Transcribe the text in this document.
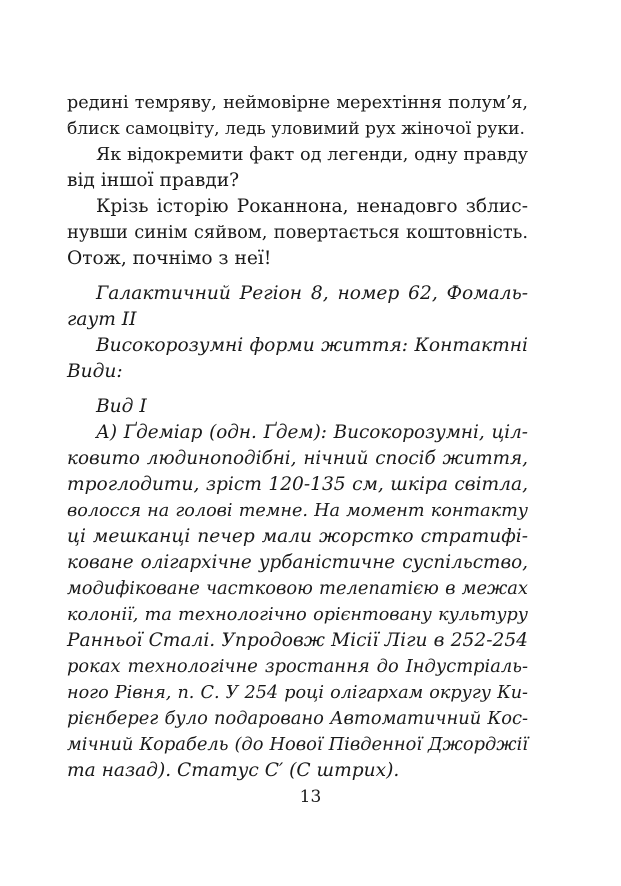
редині темряву, неймовірне мерехтіння полум’я,
блиск самоцвіту, ледь уловимий рух жіночої руки.
Як відокремити факт од легенди, одну правду
від іншої правди?
Крізь історію Роканнона, ненадовго зблис-
нувши синім сяйвом, повертається коштовність.
Отож, почнімо з неї!
Галактичний Регіон 8, номер 62, Фомаль-
гаут II
Високорозумні форми життя: Контактні
Види:
Вид І
А) Ґдеміар (одн. Ґдем): Високорозумні, цiл-
ковито людиноподібні, нічний спосіб життя,
троглодити, зріст 120-135 см, шкіра світла,
волосся на голові темне. На момент контакту
ці мешканці печер мали жорстко стратифі-
коване олігархічне урбаністичне суспільство,
модифіковане частковою телепатією в межах
колонії, та технологічно орієнтовану культуру
Ранньої Сталі. Упродовж Місії Ліги в 252-254
роках технологічне зростання до Індустріаль-
ного Рівня, п. С. У 254 році олігархам округу Ки-
рієнберег було подаровано Автоматичний Кос-
мічний Корабель (до Нової Південної Джорджії
та назад). Статус С′ (С штрих).
13
